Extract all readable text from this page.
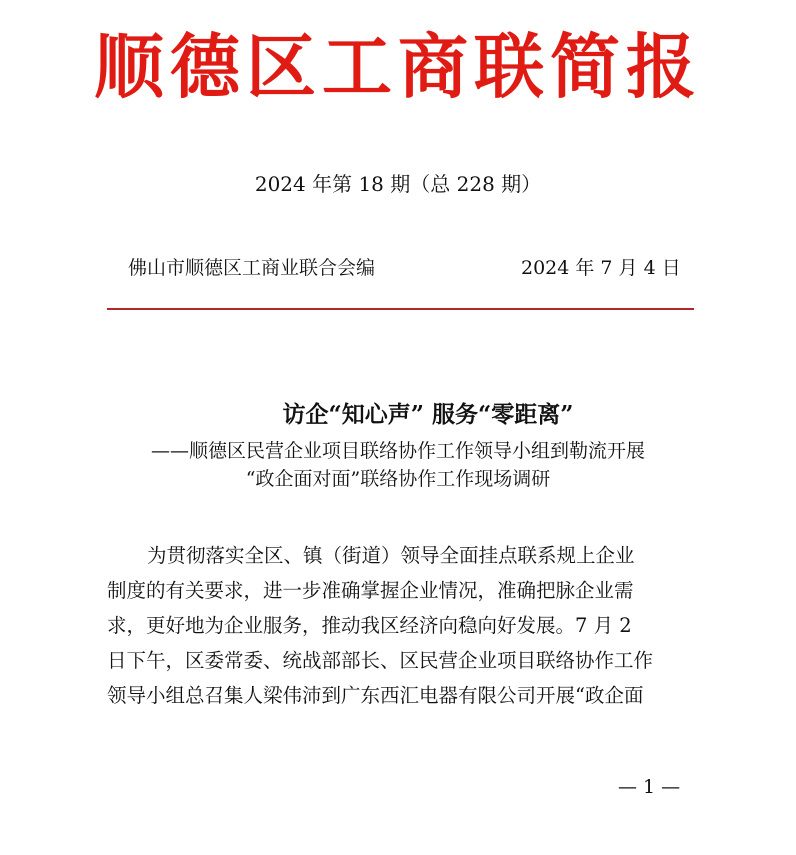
顺德区工商联简报
2024 年第 18 期（总 228 期）
佛山市顺德区工商业联合会编	2024 年 7 月 4 日
访企“知心声” 服务“零距离”
——顺德区民营企业项目联络协作工作领导小组到勒流开展
“政企面对面”联络协作工作现场调研
为贯彻落实全区、镇（街道）领导全面挂点联系规上企业
制度的有关要求，进一步准确掌握企业情况，准确把脉企业需
求，更好地为企业服务，推动我区经济向稳向好发展。7 月 2
日下午，区委常委、统战部部长、区民营企业项目联络协作工作
领导小组总召集人梁伟沛到广东西汇电器有限公司开展“政企面
— 1 —
